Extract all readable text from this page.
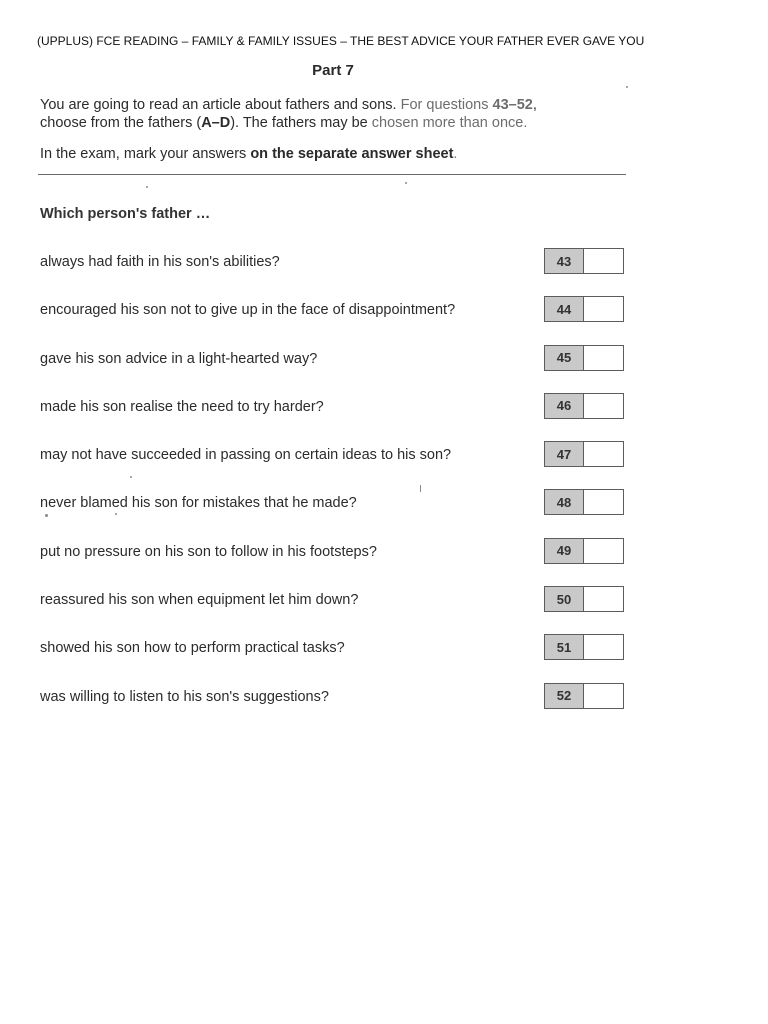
(UPPLUS) FCE READING – FAMILY & FAMILY ISSUES – THE BEST ADVICE YOUR FATHER EVER GAVE YOU
Part 7
You are going to read an article about fathers and sons. For questions 43–52,
choose from the fathers (A–D). The fathers may be chosen more than once.
In the exam, mark your answers on the separate answer sheet.
Which person's father …
always had faith in his son's abilities?	43
encouraged his son not to give up in the face of disappointment?	44
gave his son advice in a light-hearted way?	45
made his son realise the need to try harder?	46
may not have succeeded in passing on certain ideas to his son?	47
never blamed his son for mistakes that he made?	48
put no pressure on his son to follow in his footsteps?	49
reassured his son when equipment let him down?	50
showed his son how to perform practical tasks?	51
was willing to listen to his son's suggestions?	52
